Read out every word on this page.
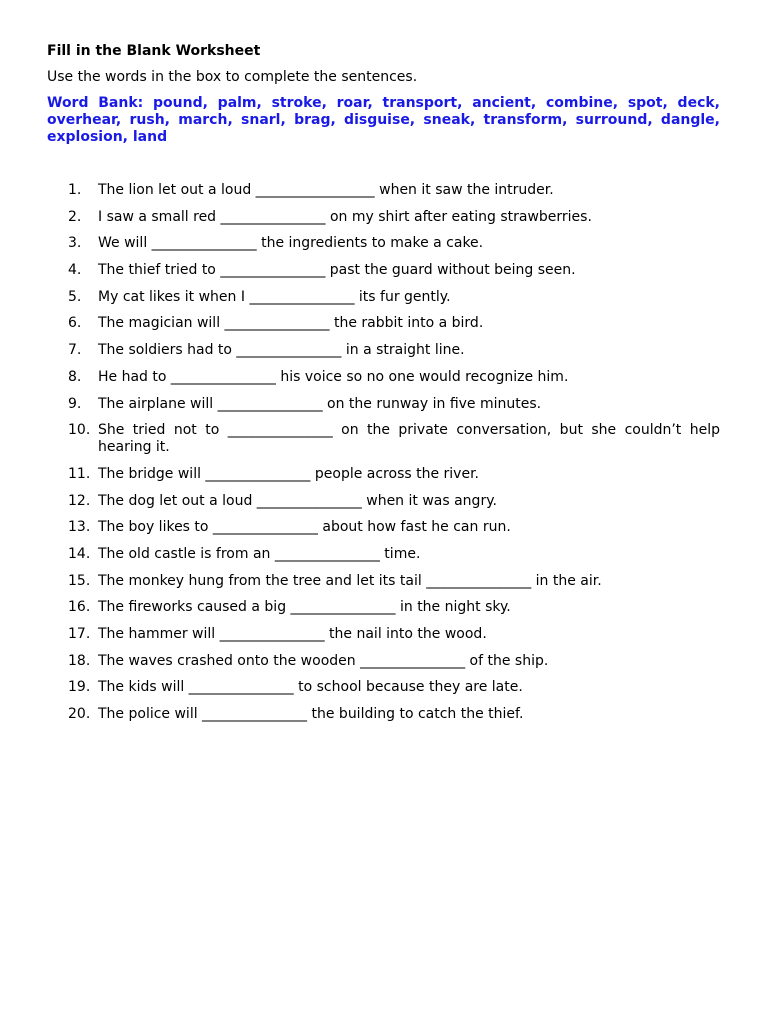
Fill in the Blank Worksheet

Use the words in the box to complete the sentences.

Word Bank: pound, palm, stroke, roar, transport, ancient, combine, spot, deck, overhear, rush, march, snarl, brag, disguise, sneak, transform, surround, dangle, explosion, land

1.	The lion let out a loud _________________ when it saw the intruder.
2.	I saw a small red _______________ on my shirt after eating strawberries.
3.	We will _______________ the ingredients to make a cake.
4.	The thief tried to _______________ past the guard without being seen.
5.	My cat likes it when I _______________ its fur gently.
6.	The magician will _______________ the rabbit into a bird.
7.	The soldiers had to _______________ in a straight line.
8.	He had to _______________ his voice so no one would recognize him.
9.	The airplane will _______________ on the runway in five minutes.
10. She tried not to _______________ on the private conversation, but she couldn’t help hearing it.
11. The bridge will _______________ people across the river.
12. The dog let out a loud _______________ when it was angry.
13. The boy likes to _______________ about how fast he can run.
14. The old castle is from an _______________ time.
15. The monkey hung from the tree and let its tail _______________ in the air.
16. The fireworks caused a big _______________ in the night sky.
17. The hammer will _______________ the nail into the wood.
18. The waves crashed onto the wooden _______________ of the ship.
19. The kids will _______________ to school because they are late.
20. The police will _______________ the building to catch the thief.
